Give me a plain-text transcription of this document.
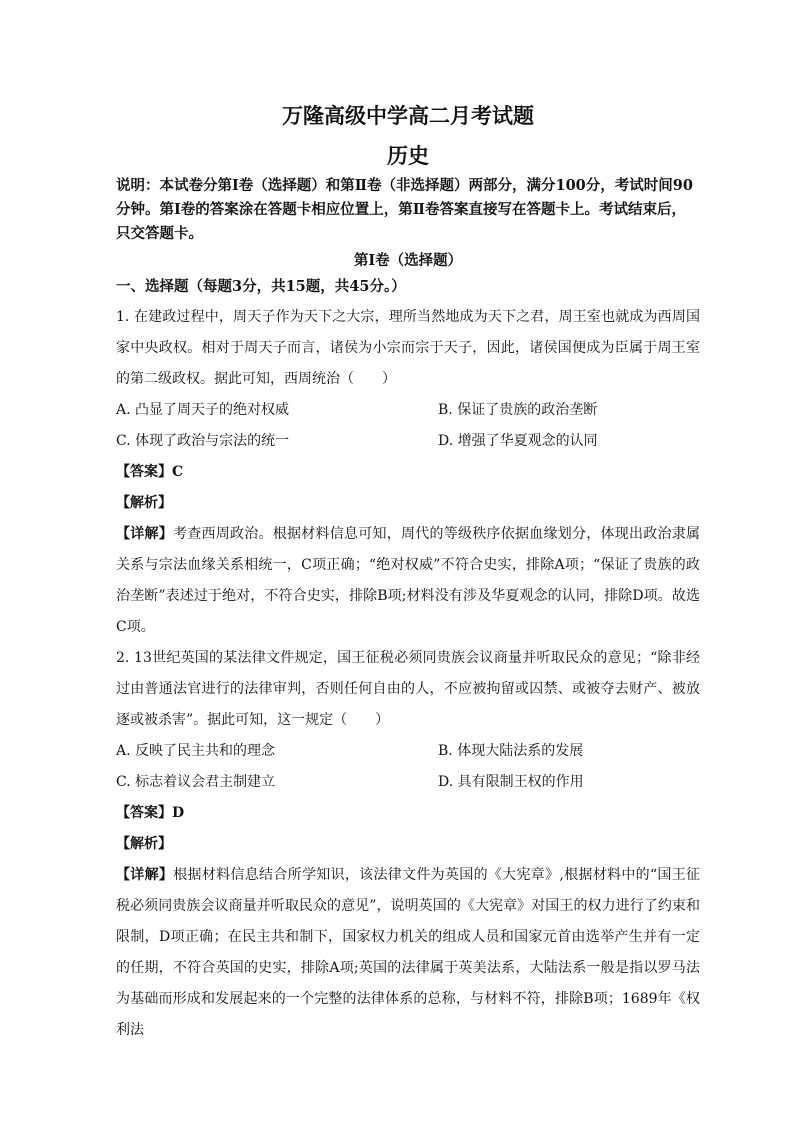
万隆高级中学高二月考试题
历史
说明：本试卷分第Ⅰ卷（选择题）和第Ⅱ卷（非选择题）两部分，满分100分，考试时间90分钟。第Ⅰ卷的答案涂在答题卡相应位置上，第Ⅱ卷答案直接写在答题卡上。考试结束后，只交答题卡。
第Ⅰ卷（选择题）
一、选择题（每题3分，共15题，共45分。）
1. 在建政过程中，周天子作为天下之大宗，理所当然地成为天下之君，周王室也就成为西周国家中央政权。相对于周天子而言，诸侯为小宗而宗于天子，因此，诸侯国便成为臣属于周王室的第二级政权。据此可知，西周统治（　　）
A. 凸显了周天子的绝对权威	B. 保证了贵族的政治垄断
C. 体现了政治与宗法的统一	D. 增强了华夏观念的认同
【答案】C
【解析】
【详解】考查西周政治。根据材料信息可知，周代的等级秩序依据血缘划分，体现出政治隶属关系与宗法血缘关系相统一，C项正确；“绝对权威”不符合史实，排除A项；“保证了贵族的政治垄断”表述过于绝对，不符合史实，排除B项;材料没有涉及华夏观念的认同，排除D项。故选C项。
2. 13世纪英国的某法律文件规定，国王征税必须同贵族会议商量并听取民众的意见；“除非经过由普通法官进行的法律审判，否则任何自由的人，不应被拘留或囚禁、或被夺去财产、被放逐或被杀害”。据此可知，这一规定（　　）
A. 反映了民主共和的理念	B. 体现大陆法系的发展
C. 标志着议会君主制建立	D. 具有限制王权的作用
【答案】D
【解析】
【详解】根据材料信息结合所学知识，该法律文件为英国的《大宪章》,根据材料中的“国王征税必须同贵族会议商量并听取民众的意见”，说明英国的《大宪章》对国王的权力进行了约束和限制，D项正确；在民主共和制下，国家权力机关的组成人员和国家元首由选举产生并有一定的任期，不符合英国的史实，排除A项;英国的法律属于英美法系，大陆法系一般是指以罗马法为基础而形成和发展起来的一个完整的法律体系的总称，与材料不符，排除B项；1689年《权利法
